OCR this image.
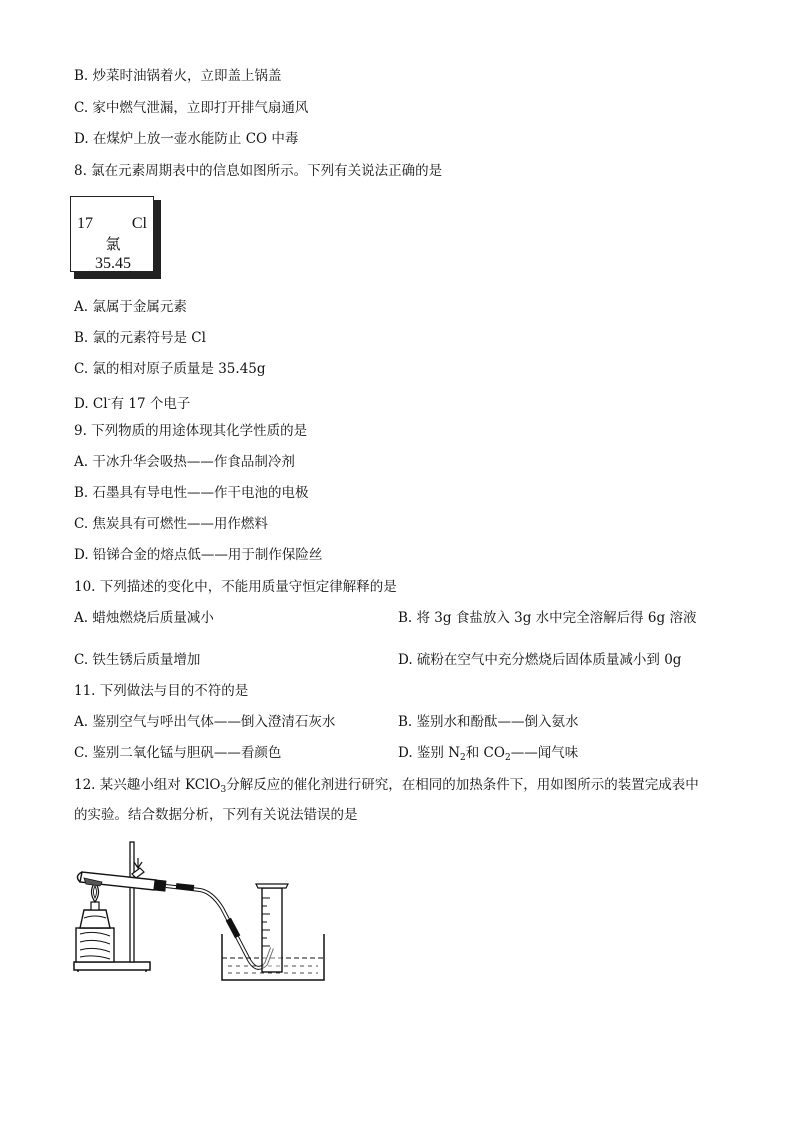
B. 炒菜时油锅着火，立即盖上锅盖
C. 家中燃气泄漏，立即打开排气扇通风
D. 在煤炉上放一壶水能防止 CO 中毒
8. 氯在元素周期表中的信息如图所示。下列有关说法正确的是
17 Cl
氯
35.45
A. 氯属于金属元素
B. 氯的元素符号是 Cl
C. 氯的相对原子质量是 35.45g
D. Cl-有 17 个电子
9. 下列物质的用途体现其化学性质的是
A. 干冰升华会吸热——作食品制冷剂
B. 石墨具有导电性——作干电池的电极
C. 焦炭具有可燃性——用作燃料
D. 铅锑合金的熔点低——用于制作保险丝
10. 下列描述的变化中，不能用质量守恒定律解释的是
A. 蜡烛燃烧后质量减小	B. 将 3g 食盐放入 3g 水中完全溶解后得 6g 溶液
C. 铁生锈后质量增加	D. 硫粉在空气中充分燃烧后固体质量减小到 0g
11. 下列做法与目的不符的是
A. 鉴别空气与呼出气体——倒入澄清石灰水	B. 鉴别水和酚酞——倒入氨水
C. 鉴别二氧化锰与胆矾——看颜色	D. 鉴别 $N_2$和 $CO_2——$闻气味
12. 某兴趣小组对 KClO$_3$分解反应的催化剂进行研究，在相同的加热条件下，用如图所示的装置完成表中
的实验。结合数据分析，下列有关说法错误的是
